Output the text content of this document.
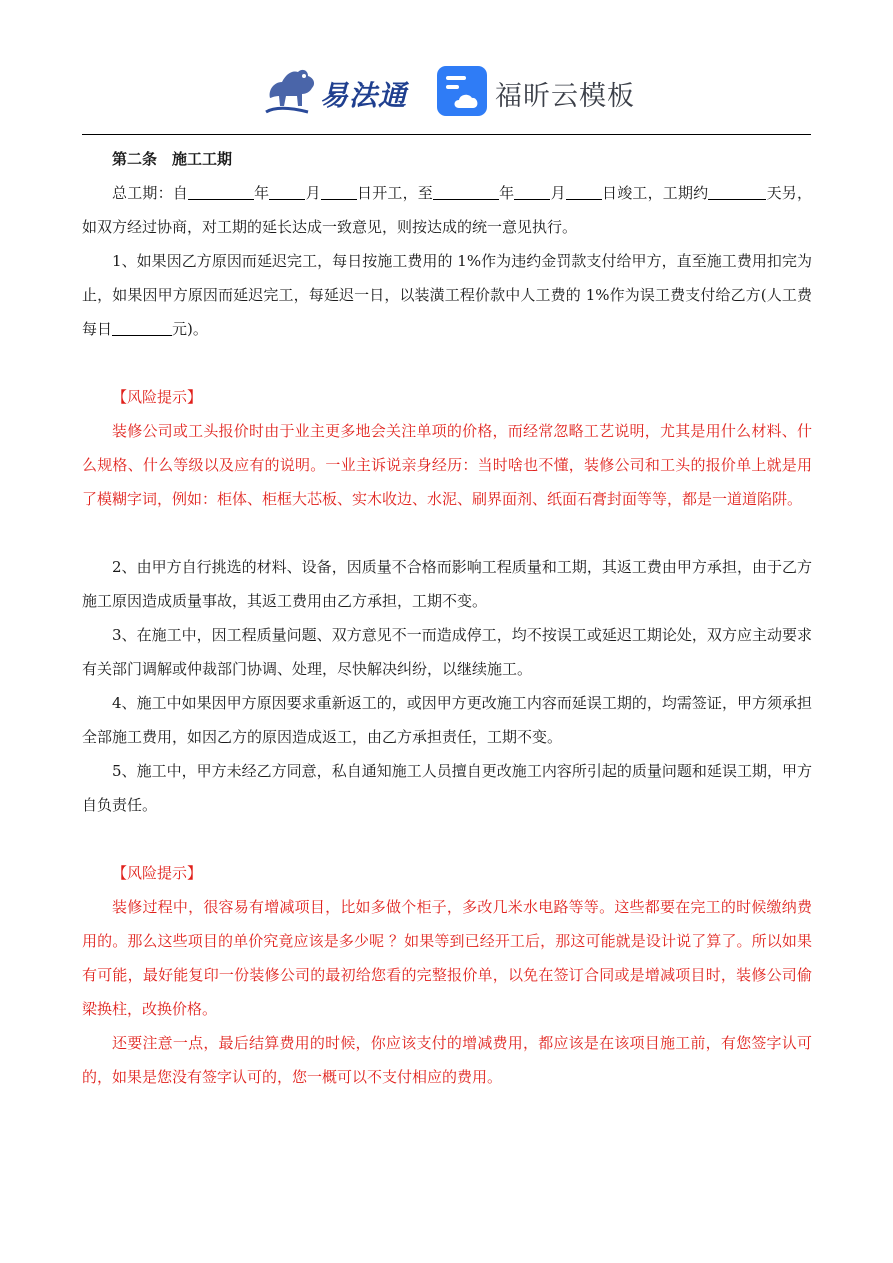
易法通	福昕云模板

第二条　施工工期

总工期：自	年 月 日开工，至	年 月 日竣工，工期约	天另，如双方经过协商，对工期的延长达成一致意见，则按达成的统一意见执行。

1、如果因乙方原因而延迟完工，每日按施工费用的 1%作为违约金罚款支付给甲方，直至施工费用扣完为止，如果因甲方原因而延迟完工，每延迟一日，以装潢工程价款中人工费的 1%作为误工费支付给乙方(人工费每日	元)。

【风险提示】

装修公司或工头报价时由于业主更多地会关注单项的价格，而经常忽略工艺说明，尤其是用什么材料、什么规格、什么等级以及应有的说明。一业主诉说亲身经历：当时啥也不懂，装修公司和工头的报价单上就是用了模糊字词，例如：柜体、柜框大芯板、实木收边、水泥、刷界面剂、纸面石膏封面等等，都是一道道陷阱。

2、由甲方自行挑选的材料、设备，因质量不合格而影响工程质量和工期，其返工费由甲方承担，由于乙方施工原因造成质量事故，其返工费用由乙方承担，工期不变。

3、在施工中，因工程质量问题、双方意见不一而造成停工，均不按误工或延迟工期论处，双方应主动要求有关部门调解或仲裁部门协调、处理，尽快解决纠纷，以继续施工。

4、施工中如果因甲方原因要求重新返工的，或因甲方更改施工内容而延误工期的，均需签证，甲方须承担全部施工费用，如因乙方的原因造成返工，由乙方承担责任，工期不变。

5、施工中，甲方未经乙方同意，私自通知施工人员擅自更改施工内容所引起的质量问题和延误工期，甲方自负责任。

【风险提示】

装修过程中，很容易有增减项目，比如多做个柜子，多改几米水电路等等。这些都要在完工的时候缴纳费用的。那么这些项目的单价究竟应该是多少呢 ？如果等到已经开工后，那这可能就是设计说了算了。所以如果有可能，最好能复印一份装修公司的最初给您看的完整报价单，以免在签订合同或是增减项目时，装修公司偷梁换柱，改换价格。

还要注意一点，最后结算费用的时候，你应该支付的增减费用，都应该是在该项目施工前，有您签字认可的，如果是您没有签字认可的，您一概可以不支付相应的费用。
